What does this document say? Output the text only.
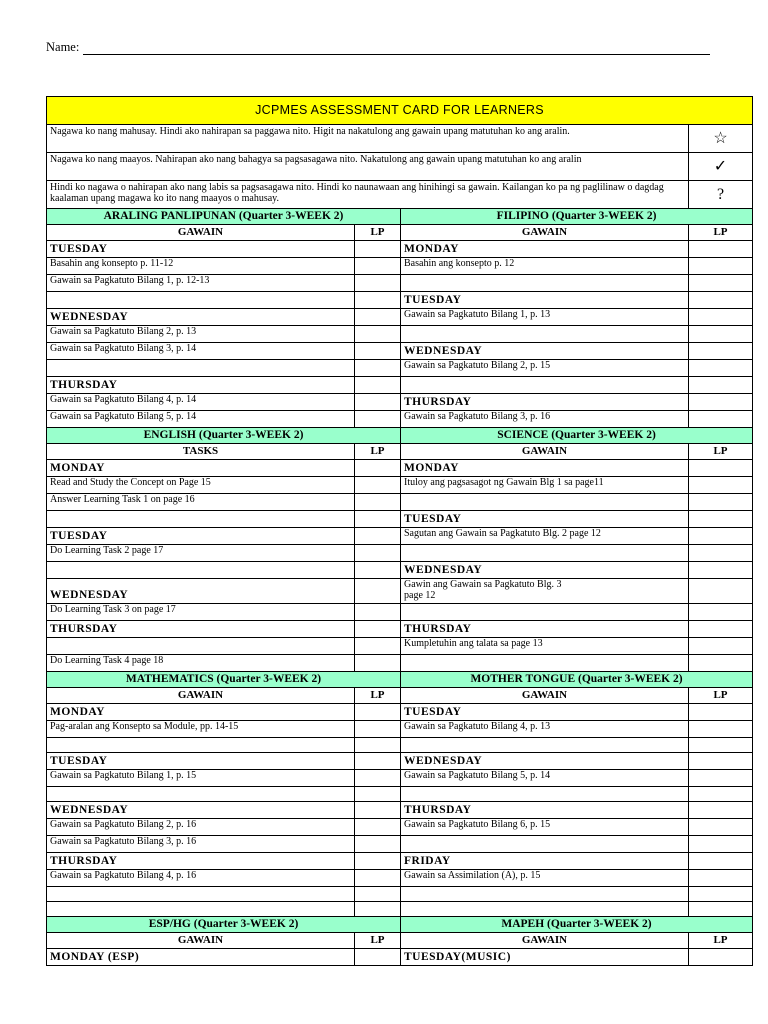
Name:
JCPMES ASSESSMENT CARD FOR LEARNERS			
Nagawa ko nang mahusay. Hindi ako nahirapan sa paggawa nito. Higit na nakatulong ang gawain upang matutuhan ko ang aralin.			☆
Nagawa ko nang maayos. Nahirapan ako nang bahagya sa pagsasagawa nito. Nakatulong ang gawain upang matutuhan ko ang aralin			✓
Hindi ko nagawa o nahirapan ako nang labis sa pagsasagawa nito. Hindi ko naunawaan ang hinihingi sa gawain. Kailangan ko pa ng paglilinaw o dagdag kaalaman upang magawa ko ito nang maayos o mahusay.			?
ARALING PANLIPUNAN (Quarter 3-WEEK 2)		FILIPINO (Quarter 3-WEEK 2)	
GAWAIN	LP	GAWAIN	LP
TUESDAY		MONDAY	
Basahin ang konsepto p. 11-12		Basahin ang konsepto p. 12	
Gawain sa Pagkatuto Bilang 1, p. 12-13			
		TUESDAY	
WEDNESDAY		Gawain sa Pagkatuto Bilang 1, p. 13	
Gawain sa Pagkatuto Bilang 2, p. 13			
Gawain sa Pagkatuto Bilang 3, p. 14		WEDNESDAY	
		Gawain sa Pagkatuto Bilang 2, p. 15	
THURSDAY			
Gawain sa Pagkatuto Bilang 4, p. 14		THURSDAY	
Gawain sa Pagkatuto Bilang 5, p. 14		Gawain sa Pagkatuto Bilang 3, p. 16	
ENGLISH (Quarter 3-WEEK 2)		SCIENCE (Quarter 3-WEEK 2)	
TASKS	LP	GAWAIN	LP
MONDAY		MONDAY	
Read and Study the Concept on Page 15		Ituloy ang pagsasagot ng Gawain Blg 1 sa page11	
Answer Learning Task 1 on page 16			
		TUESDAY	
TUESDAY		Sagutan ang Gawain sa Pagkatuto Blg. 2 page 12	
Do Learning Task 2 page 17			
		WEDNESDAY	
WEDNESDAY		Gawin ang Gawain sa Pagkatuto Blg. 3
page 12	
Do Learning Task 3 on page 17			
THURSDAY		THURSDAY	
		Kumpletuhin ang talata sa page 13	
Do Learning Task 4 page 18			
MATHEMATICS (Quarter 3-WEEK 2)		MOTHER TONGUE (Quarter 3-WEEK 2)	
GAWAIN	LP	GAWAIN	LP
MONDAY		TUESDAY	
Pag-aralan ang Konsepto sa Module, pp. 14-15		Gawain sa Pagkatuto Bilang 4, p. 13	

TUESDAY		WEDNESDAY	
Gawain sa Pagkatuto Bilang 1, p. 15		Gawain sa Pagkatuto Bilang 5, p. 14	

WEDNESDAY		THURSDAY	
Gawain sa Pagkatuto Bilang 2, p. 16		Gawain sa Pagkatuto Bilang 6, p. 15	
Gawain sa Pagkatuto Bilang 3, p. 16			
THURSDAY		FRIDAY	
Gawain sa Pagkatuto Bilang 4, p. 16		Gawain sa Assimilation (A), p. 15	

ESP/HG (Quarter 3-WEEK 2)		MAPEH (Quarter 3-WEEK 2)	
GAWAIN	LP	GAWAIN	LP
MONDAY (ESP)		TUESDAY(MUSIC)	
